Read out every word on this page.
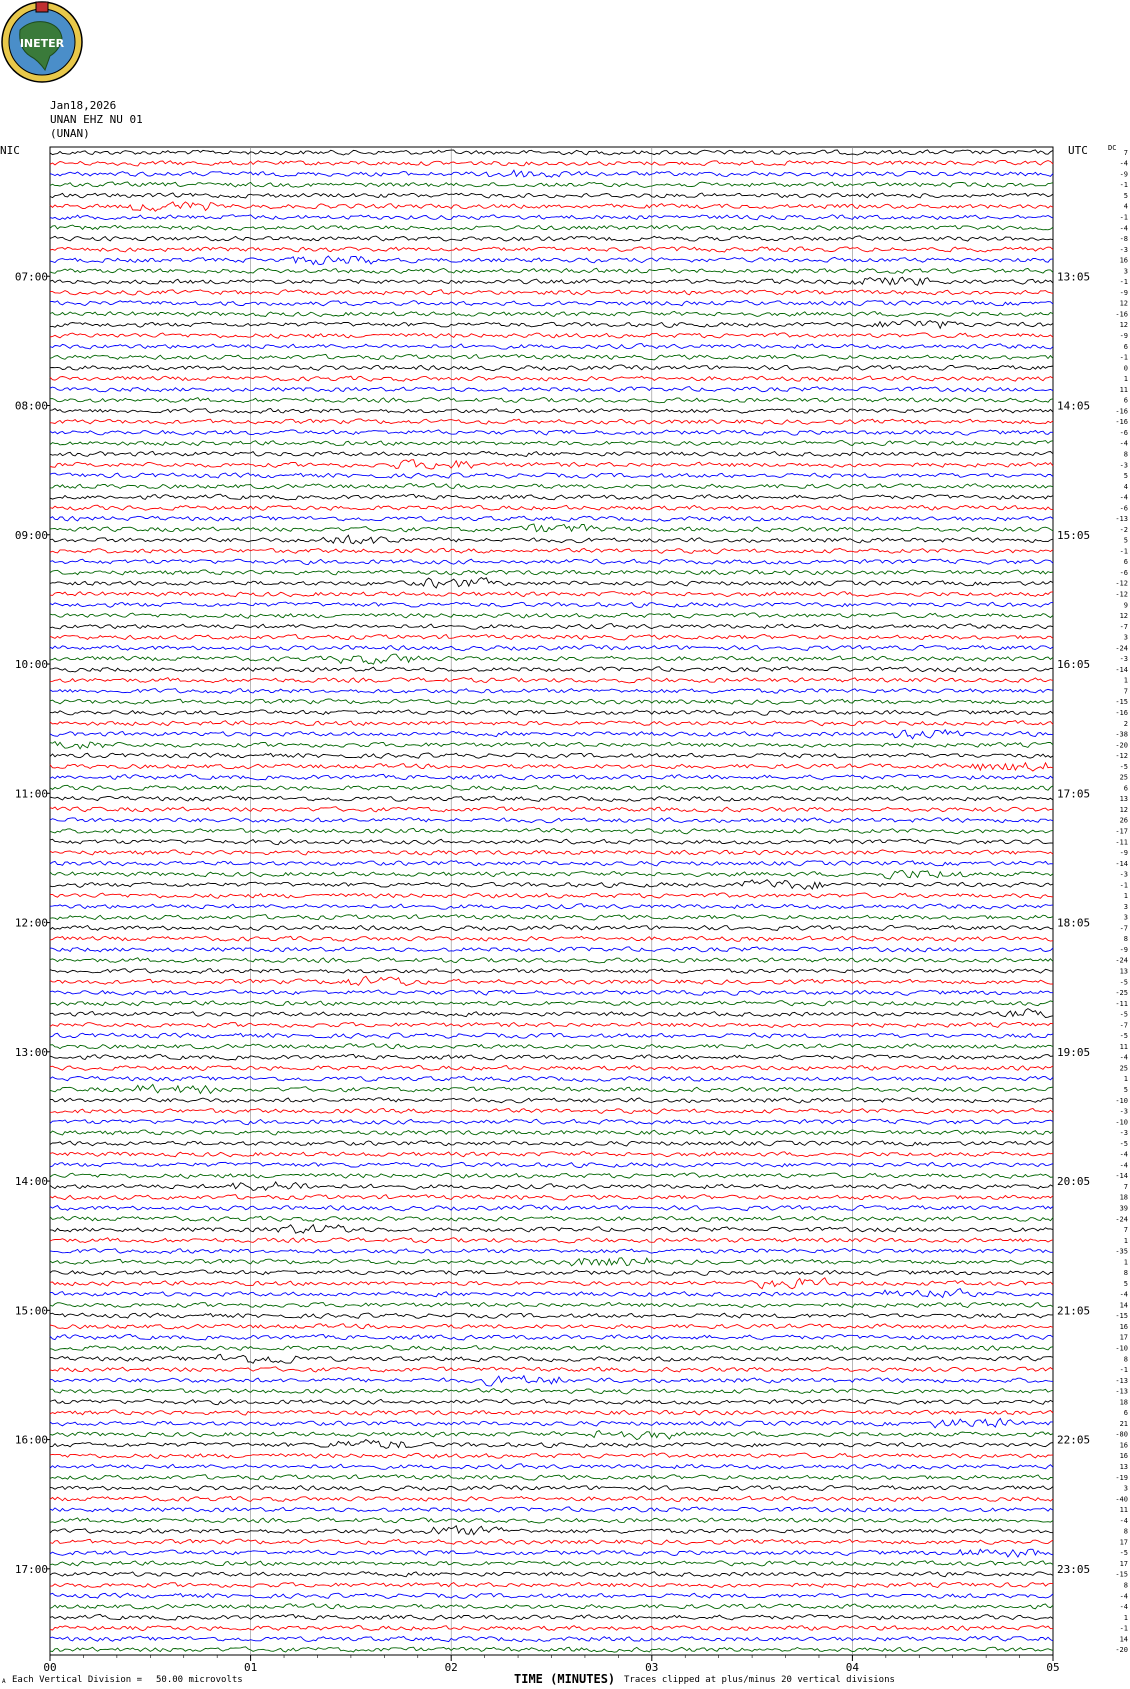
INETER
Jan18,2026
UNAN EHZ NU 01
(UNAN)
NIC	UTC	DC
00	01	02	03	04	05
7
-4
-9
-1
5
4
-1
-4
-8
-3
16
3
-1
-9
12
-16
12
-9
6
-1
0
1
11
6
-16
-16
-6
-4
8
-3
5
4
-4
-6
-13
-2
5
-1
6
-6
-12
-12
9
12
-7
3
-24
-3
-14
1
7
-15
-16
2
-38
-20
-12
-5
25
6
13
12
26
-17
-11
-9
-14
-3
-1
1
3
3
-7
8
-9
-24
13
-5
-25
-11
-5
-7
-5
11
-4
25
1
5
-10
-3
-10
-3
-5
-4
-4
-14
7
18
39
-24
7
1
-35
1
8
5
-4
14
-15
16
17
-10
8
-1
-13
-13
18
6
21
-80
16
16
13
-19
3
-40
11
-4
8
17
-5
17
-15
8
-4
-4
1
-1
14
-20
07:00
08:00
09:00
10:00
11:00
12:00
13:00
14:00
15:00
16:00
17:00
13:05
14:05
15:05
16:05
17:05
18:05
19:05
20:05
21:05
22:05
23:05
Each Vertical Division = 50.00 microvolts	TIME (MINUTES) Traces clipped at plus/minus 20 vertical divisions
A
